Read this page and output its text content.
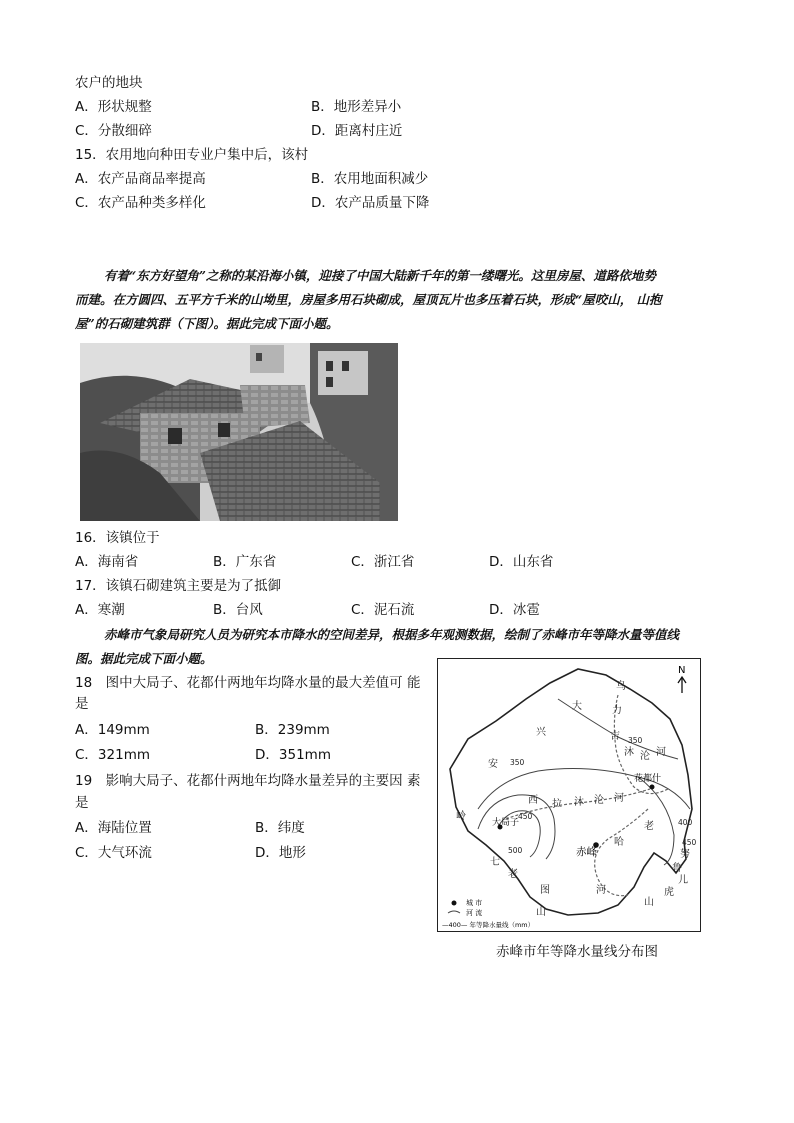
农户的地块
A．形状规整	B．地形差异小
C．分散细碎	D．距离村庄近
15．农用地向种田专业户集中后，该村
A．农产品商品率提高	B．农用地面积减少
C．农产品种类多样化	D．农产品质量下降
有着“东方好望角”之称的某沿海小镇，迎接了中国大陆新千年的第一缕曙光。这里房屋、道路依地势
而建。在方圆四、五平方千米的山坳里，房屋多用石块砌成，屋顶瓦片也多压着石块，形成“屋咬山， 山抱
屋”的石砌建筑群（下图）。据此完成下面小题。
16．该镇位于
A．海南省	B．广东省	C．浙江省	D．山东省
17．该镇石砌建筑主要是为了抵御
A．寒潮	B．台风	C．泥石流	D．冰雹
赤峰市气象局研究人员为研究本市降水的空间差异，根据多年观测数据，绘制了赤峰市年等降水量等值线
图。据此完成下面小题。
18　图中大局子、花都什两地年均降水量的最大差值可 能
是
A．149mm	B．239mm
C．321mm	D．351mm
19　影响大局子、花都什两地年均降水量差异的主要因 素
是
A．海陆位置	B．纬度
C．大气环流	D．地形
N
大
兴
安
岭
乌
力
吉
沐 沦 河
西 拉 沐 沦 河
老
哈
河
七
老
图
山
努
鲁
儿
虎
山
350
350
400
450
450
500
大局子
花都什
赤峰
城 市
河 流
—400— 年等降水量线（mm）
赤峰市年等降水量线分布图
